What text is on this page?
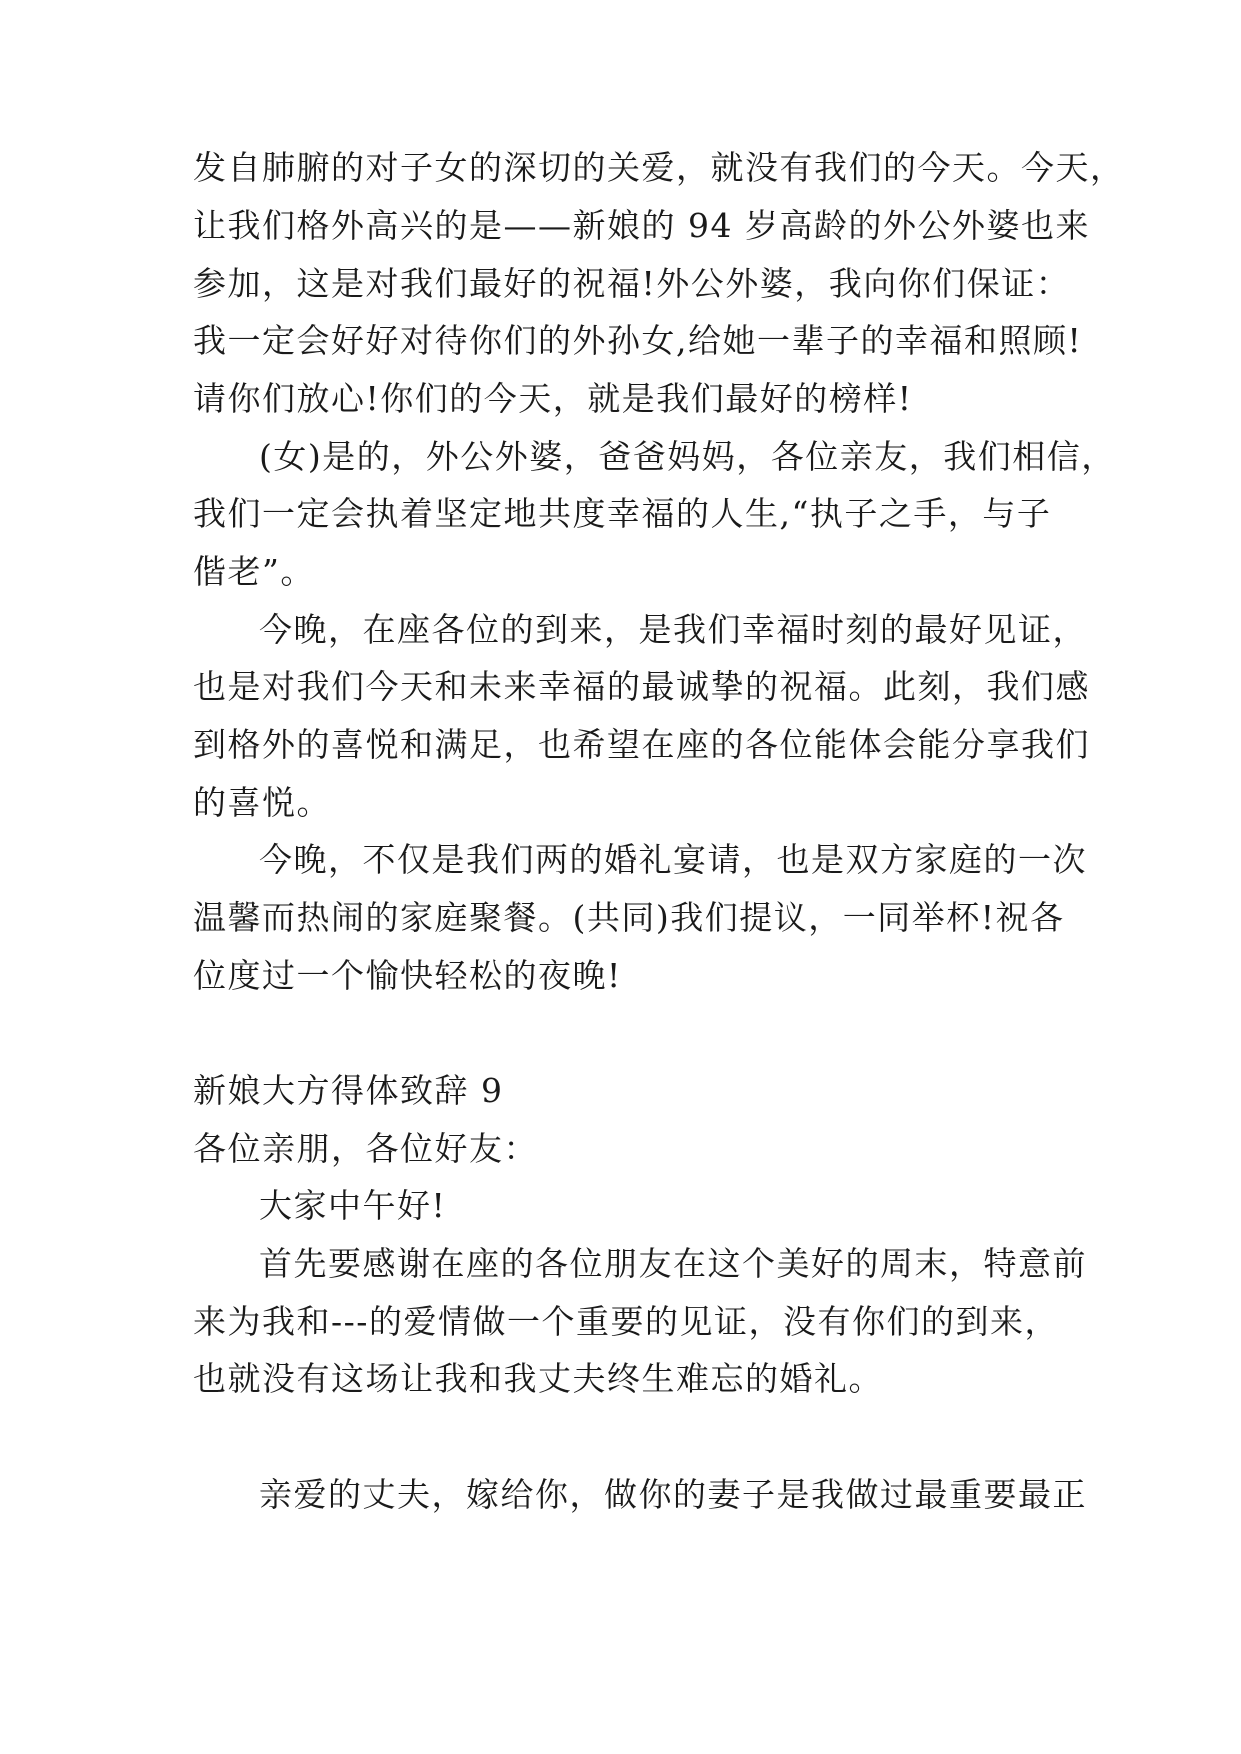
发自肺腑的对子女的深切的关爱，就没有我们的今天。今天，
让我们格外高兴的是——新娘的 94 岁高龄的外公外婆也来
参加，这是对我们最好的祝福!外公外婆，我向你们保证：
我一定会好好对待你们的外孙女,给她一辈子的幸福和照顾!
请你们放心!你们的今天，就是我们最好的榜样!
(女)是的，外公外婆，爸爸妈妈，各位亲友，我们相信，
我们一定会执着坚定地共度幸福的人生,“执子之手，与子
偕老”。
今晚，在座各位的到来，是我们幸福时刻的最好见证，
也是对我们今天和未来幸福的最诚挚的祝福。此刻，我们感
到格外的喜悦和满足，也希望在座的各位能体会能分享我们
的喜悦。
今晚，不仅是我们两的婚礼宴请，也是双方家庭的一次
温馨而热闹的家庭聚餐。(共同)我们提议，一同举杯!祝各
位度过一个愉快轻松的夜晚!
新娘大方得体致辞 9
各位亲朋，各位好友：
大家中午好!
首先要感谢在座的各位朋友在这个美好的周末，特意前
来为我和---的爱情做一个重要的见证，没有你们的到来，
也就没有这场让我和我丈夫终生难忘的婚礼。
亲爱的丈夫，嫁给你，做你的妻子是我做过最重要最正
